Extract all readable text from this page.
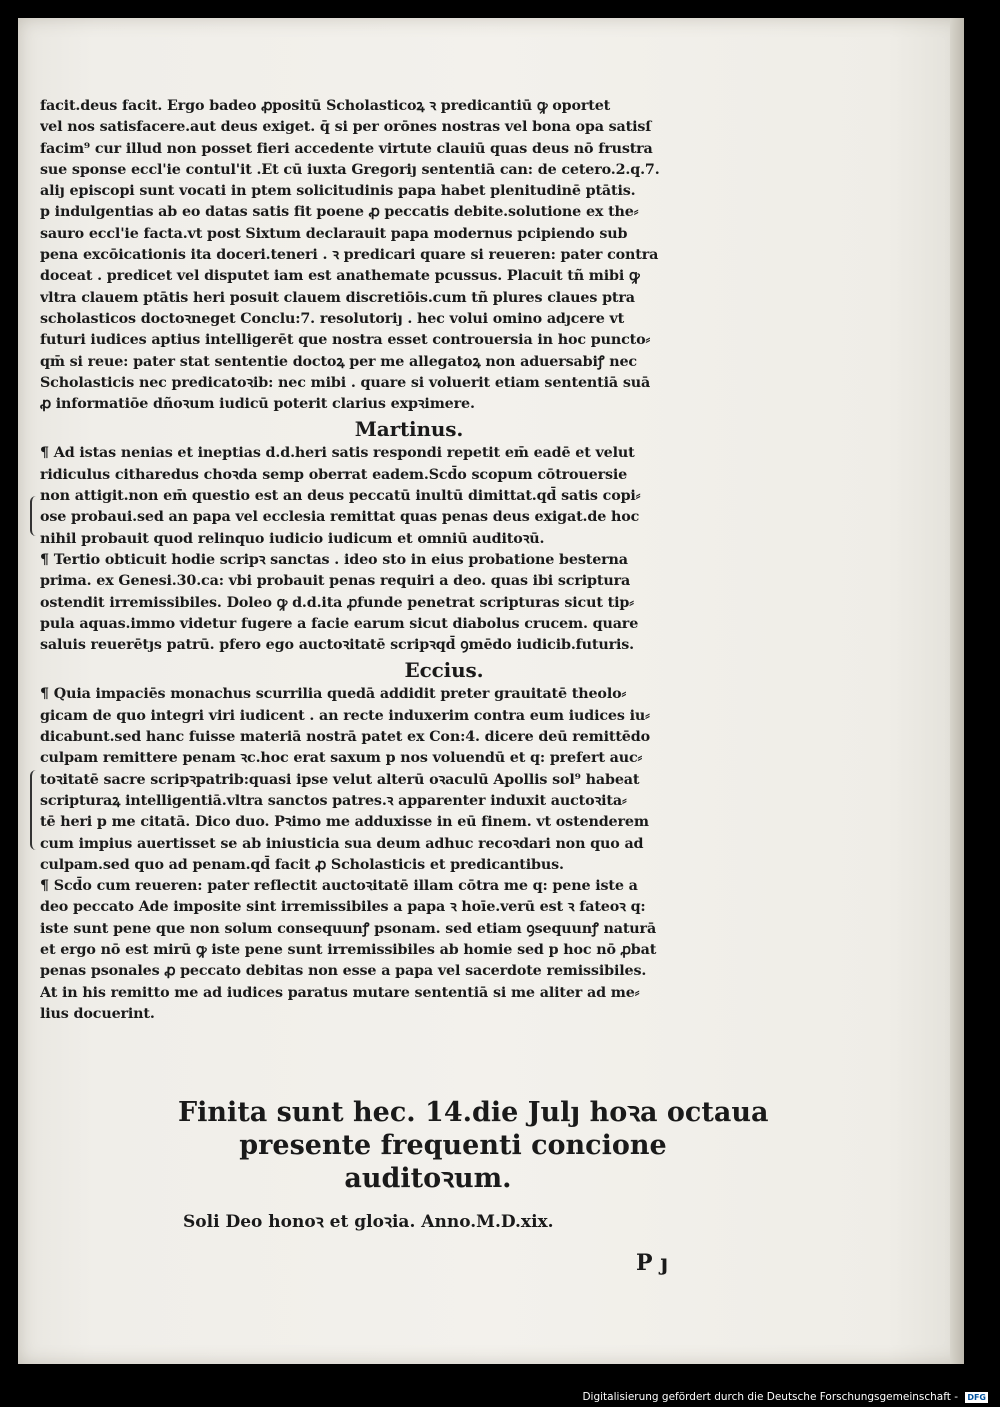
facit.deus facit. Ergo badeo ꝓpositū Scholasticoꝝ ꝛ predicantiū ꝙ oportet
vel nos satisfacere.aut deus exiget. q̄ si per orōnes nostras vel bona opa satisſ
facim⁹ cur illud non posset fieri accedente virtute clauiū quas deus nō frustra
sue sponse eccl'ie contul'it .Et cū iuxta Gregoriȷ sententiā can: de cetero.2.q.7.
aliȷ episcopi sunt vocati in ptem solicitudinis papa habet plenitudinē ptātis.
p indulgentias ab eo datas satis fit poene ꝓ peccatis debite.solutione ex the⸗
sauro eccl'ie facta.vt post Sixtum declarauit papa modernus pcipiendo sub
pena excōicationis ita doceri.teneri . ꝛ predicari quare si reueren: pater contra
doceat . predicet vel disputet iam est anathemate pcussus. Placuit tñ mibi ꝙ
vltra clauem ptātis heri posuit clauem discretiōis.cum tñ plures claues ptra
scholasticos doctoꝛneget Conclu:7. resolutoriȷ . hec volui omino adȷcere vt
futuri iudices aptius intelligerēt que nostra esset controuersia in hoc puncto⸗
qm̄ si reue: pater stat sententie doctoꝝ per me allegatoꝝ non aduersabiꝭ nec
Scholasticis nec predicatoꝛib: nec mibi . quare si voluerit etiam sententiā suā
ꝓ informatiōe dñoꝛum iudicū poterit clarius expꝛimere.
Martinus.
¶ Ad istas nenias et ineptias d.d.heri satis respondi repetit em̄ eadē et velut
ridiculus citharedus choꝛda semp oberrat eadem.Scd̄o scopum cōtrouersie
non attigit.non em̄ questio est an deus peccatū inultū dimittat.qd̄ satis copi⸗
ose probaui.sed an papa vel ecclesia remittat quas penas deus exigat.de hoc
nihil probauit quod relinquo iudicio iudicum et omniū auditoꝛū.
¶ Tertio obticuit hodie scripꝛ sanctas . ideo sto in eius probatione besterna
prima. ex Genesi.30.ca: vbi probauit penas requiri a deo. quas ibi scriptura
ostendit irremissibiles. Doleo ꝙ d.d.ita ꝓfunde penetrat scripturas sicut tip⸗
pula aquas.immo videtur fugere a facie earum sicut diabolus crucem. quare
saluis reuerētȷs patrū. pfero ego auctoꝛitatē scripꝛqd̄ ꝯmēdo iudicib.futuris.
Eccius.
¶ Quia impaciēs monachus scurrilia quedā addidit preter grauitatē theolo⸗
gicam de quo integri viri iudicent . an recte induxerim contra eum iudices iu⸗
dicabunt.sed hanc fuisse materiā nostrā patet ex Con:4. dicere deū remittēdo
culpam remittere penam ꝛc.hoc erat saxum p nos voluendū et q: prefert auc⸗
toꝛitatē sacre scripꝛpatrib:quasi ipse velut alterū oꝛaculū Apollis sol⁹ habeat
scripturaꝝ intelligentiā.vltra sanctos patres.ꝛ apparenter induxit auctoꝛita⸗
tē heri p me citatā. Dico duo. Pꝛimo me adduxisse in eū finem. vt ostenderem
cum impius auertisset se ab iniusticia sua deum adhuc recoꝛdari non quo ad
culpam.sed quo ad penam.qd̄ facit ꝓ Scholasticis et predicantibus.
¶ Scd̄o cum reueren: pater reflectit auctoꝛitatē illam cōtra me q: pene iste a
deo peccato Ade imposite sint irremissibiles a papa ꝛ hoīe.verū est ꝛ fateoꝛ q:
iste sunt pene que non solum consequunꝭ psonam. sed etiam ꝯsequunꝭ naturā
et ergo nō est mirū ꝙ iste pene sunt irremissibiles ab homie sed p hoc nō ꝓbat
penas psonales ꝓ peccato debitas non esse a papa vel sacerdote remissibiles.
At in his remitto me ad iudices paratus mutare sententiā si me aliter ad me⸗
lius docuerint.
Finita sunt hec. 14.die Julȷ hoꝛa octaua
presente frequenti concione
auditoꝛum.
Soli Deo honoꝛ et gloꝛia. Anno.M.D.xix.
P ȷ
Digitalisierung gefördert durch die Deutsche Forschungsgemeinschaft - DFG
